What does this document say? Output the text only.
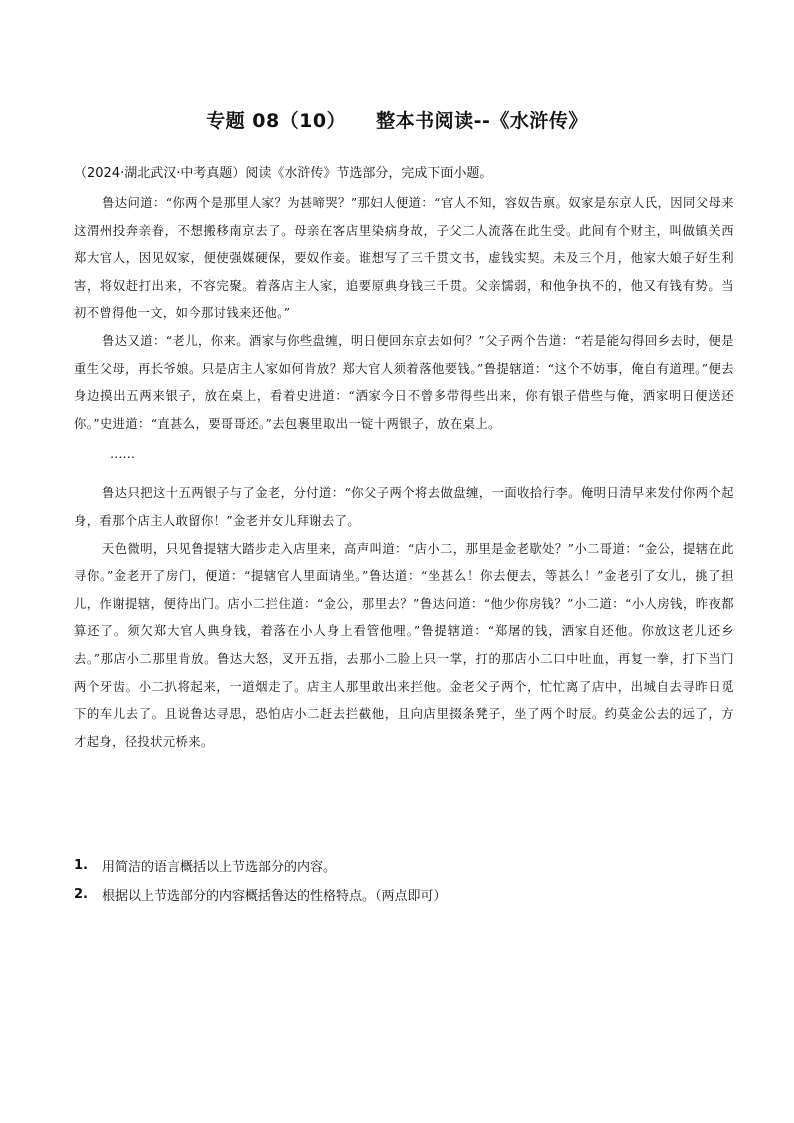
专题 08（10） 整本书阅读--《水浒传》
（2024·湖北武汉·中考真题）阅读《水浒传》节选部分，完成下面小题。

鲁达问道：“你两个是那里人家？为甚啼哭？”那妇人便道：“官人不知，容奴告禀。奴家是东京人氏，因同父母来这渭州投奔亲眷，不想搬移南京去了。母亲在客店里染病身故，子父二人流落在此生受。此间有个财主，叫做镇关西郑大官人，因见奴家，便使强媒硬保，要奴作妾。谁想写了三千贯文书，虚钱实契。未及三个月，他家大娘子好生利害，将奴赶打出来，不容完聚。着落店主人家，追要原典身钱三千贯。父亲懦弱，和他争执不的，他又有钱有势。当初不曾得他一文，如今那讨钱来还他。”

鲁达又道：“老儿，你来。酒家与你些盘缠，明日便回东京去如何？”父子两个告道：“若是能勾得回乡去时，便是重生父母，再长爷娘。只是店主人家如何肯放？郑大官人须着落他要钱。”鲁提辖道：“这个不妨事，俺自有道理。”便去身边摸出五两来银子，放在桌上，看着史进道：“洒家今日不曾多带得些出来，你有银子借些与俺，洒家明日便送还你。”史进道：“直甚么，要哥哥还。”去包裹里取出一锭十两银子，放在桌上。

……

鲁达只把这十五两银子与了金老，分付道：“你父子两个将去做盘缠，一面收拾行李。俺明日清早来发付你两个起身，看那个店主人敢留你！”金老并女儿拜谢去了。

天色微明，只见鲁提辖大踏步走入店里来，高声叫道：“店小二，那里是金老歇处？”小二哥道：“金公，提辖在此寻你。”金老开了房门，便道：“提辖官人里面请坐。”鲁达道：“坐甚么！你去便去，等甚么！”金老引了女儿，挑了担儿，作谢提辖，便待出门。店小二拦住道：“金公，那里去？”鲁达问道：“他少你房钱？”小二道：“小人房钱，昨夜都算还了。须欠郑大官人典身钱，着落在小人身上看管他哩。”鲁提辖道：“郑屠的钱，洒家自还他。你放这老儿还乡去。”那店小二那里肯放。鲁达大怒，叉开五指，去那小二脸上只一掌，打的那店小二口中吐血，再复一拳，打下当门两个牙齿。小二扒将起来，一道烟走了。店主人那里敢出来拦他。金老父子两个，忙忙离了店中，出城自去寻昨日觅下的车儿去了。且说鲁达寻思，恐怕店小二赶去拦截他，且向店里掇条凳子，坐了两个时辰。约莫金公去的远了，方才起身，径投状元桥来。

1.	用简洁的语言概括以上节选部分的内容。
2.	根据以上节选部分的内容概括鲁达的性格特点。（两点即可）
